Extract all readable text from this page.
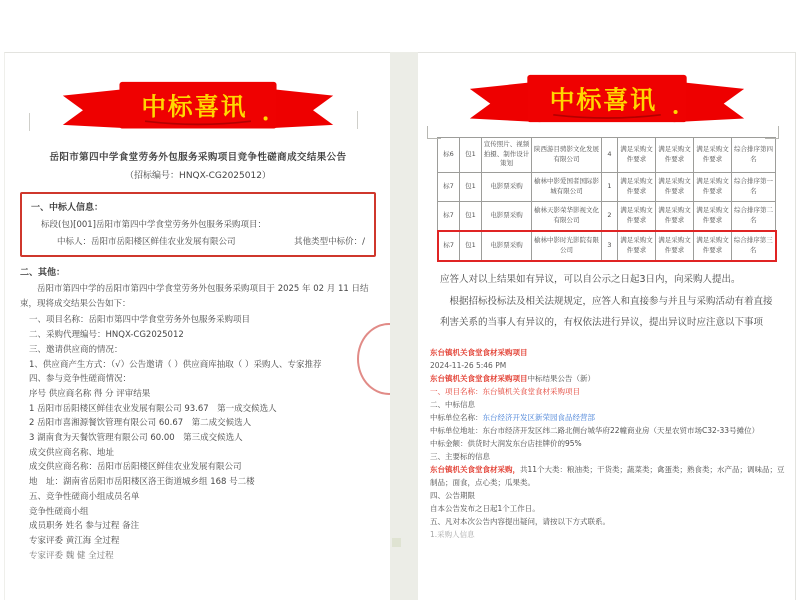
中标喜讯
岳阳市第四中学食堂劳务外包服务采购项目竞争性磋商成交结果公告
（招标编号：HNQX-CG2025012）
一、中标人信息：
标段(包)[001]岳阳市第四中学食堂劳务外包服务采购项目：
中标人：岳阳市岳阳楼区鲜佳农业发展有限公司	其他类型中标价：/
二、其他：
岳阳市第四中学的岳阳市第四中学食堂劳务外包服务采购项目于 2025 年 02 月 11 日结束，现将成交结果公告如下：
一、项目名称：岳阳市第四中学食堂劳务外包服务采购项目
二、采购代理编号：HNQX-CG2025012
三、邀请供应商的情况：
1、供应商产生方式：（√）公告邀请（ ）供应商库抽取（ ）采购人、专家推荐
四、参与竞争性磋商情况：
序号 供应商名称 得 分 评审结果
1 岳阳市岳阳楼区鲜佳农业发展有限公司 93.67　第一成交候选人
2 岳阳市喜湘源餐饮管理有限公司 60.67　第二成交候选人
3 湖南食为天餐饮管理有限公司 60.00　第三成交候选人
成交供应商名称、地址
成交供应商名称：岳阳市岳阳楼区鲜佳农业发展有限公司
地　址：湖南省岳阳市岳阳楼区洛王街道城乡组 168 号二楼
五、竞争性磋商小组成员名单
竞争性磋商小组
成员职务 姓名 参与过程 备注
专家评委 黄江海 全过程
专家评委 魏 健 全过程
中标喜讯
标6	包1	宣传照片、视频拍摄、制作设计策划	陕西游目骋影文化发展有限公司	4	满足采购文件要求	满足采购文件要求	满足采购文件要求	综合排序第四名
标7	包1	电影票采购	榆林中影爱国者国际影城有限公司	1	满足采购文件要求	满足采购文件要求	满足采购文件要求	综合排序第一名
标7	包1	电影票采购	榆林天影荣华影视文化有限公司	2	满足采购文件要求	满足采购文件要求	满足采购文件要求	综合排序第二名
标7	包1	电影票采购	榆林中影时光影院有限公司	3	满足采购文件要求	满足采购文件要求	满足采购文件要求	综合排序第三名
应答人对以上结果如有异议，可以自公示之日起3日内，向采购人提出。
根据招标投标法及相关法规规定，应答人和直接参与并且与采购活动有着直接利害关系的当事人有异议的，有权依法进行异议，提出异议时应注意以下事项
东台镇机关食堂食材采购项目
2024-11-26 5:46 PM
东台镇机关食堂食材采购项目中标结果公告（新）
一、项目名称：东台镇机关食堂食材采购项目
二、中标信息
中标单位名称：东台经济开发区新荣园食品经营部
中标单位地址：东台市经济开发区纬二路北侧台城华府22幢商业房（天星农贸市场C32-33号摊位）
中标金额：供货时大润发东台店挂牌价的95%
三、主要标的信息
东台镇机关食堂食材采购，共11个大类：粮油类；干货类；蔬菜类；禽蛋类；熟食类；水产品；调味品；豆制品；面食，点心类；瓜果类。
四、公告期限
自本公告发布之日起1个工作日。
五、凡对本次公告内容提出疑问，请按以下方式联系。
1.采购人信息
